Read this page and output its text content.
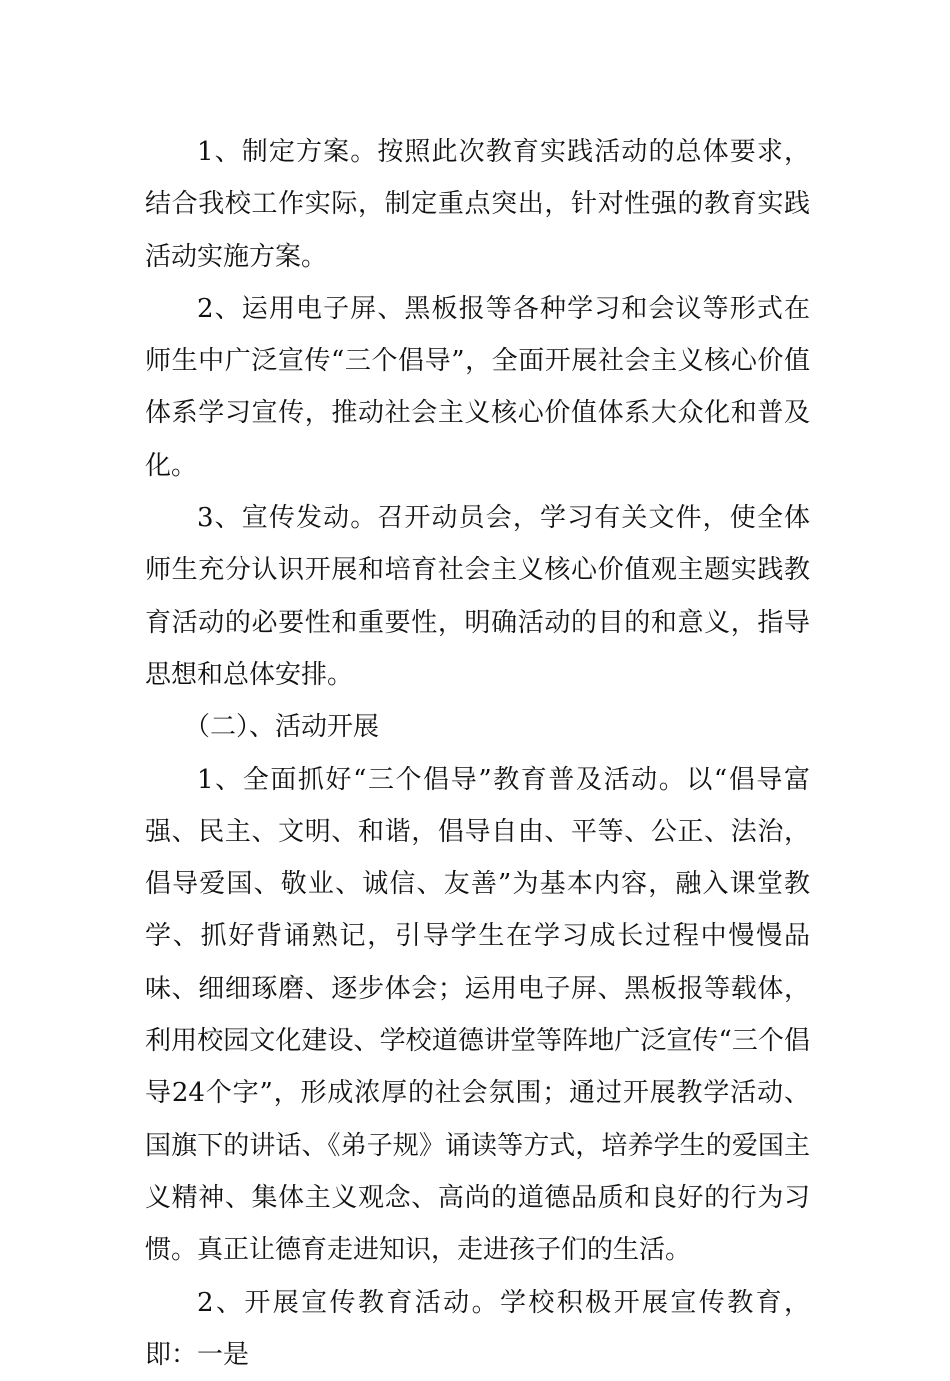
1、制定方案。按照此次教育实践活动的总体要求，结合我校工作实际，制定重点突出，针对性强的教育实践活动实施方案。

2、运用电子屏、黑板报等各种学习和会议等形式在师生中广泛宣传“三个倡导”，全面开展社会主义核心价值体系学习宣传，推动社会主义核心价值体系大众化和普及化。

3、宣传发动。召开动员会，学习有关文件，使全体师生充分认识开展和培育社会主义核心价值观主题实践教育活动的必要性和重要性，明确活动的目的和意义，指导思想和总体安排。

（二）、活动开展

1、全面抓好“三个倡导”教育普及活动。以“倡导富强、民主、文明、和谐，倡导自由、平等、公正、法治，倡导爱国、敬业、诚信、友善”为基本内容，融入课堂教学、抓好背诵熟记，引导学生在学习成长过程中慢慢品味、细细琢磨、逐步体会；运用电子屏、黑板报等载体，利用校园文化建设、学校道德讲堂等阵地广泛宣传“三个倡导24个字”，形成浓厚的社会氛围；通过开展教学活动、国旗下的讲话、《弟子规》诵读等方式，培养学生的爱国主义精神、集体主义观念、高尚的道德品质和良好的行为习惯。真正让德育走进知识，走进孩子们的生活。

2、开展宣传教育活动。学校积极开展宣传教育，即：一是
